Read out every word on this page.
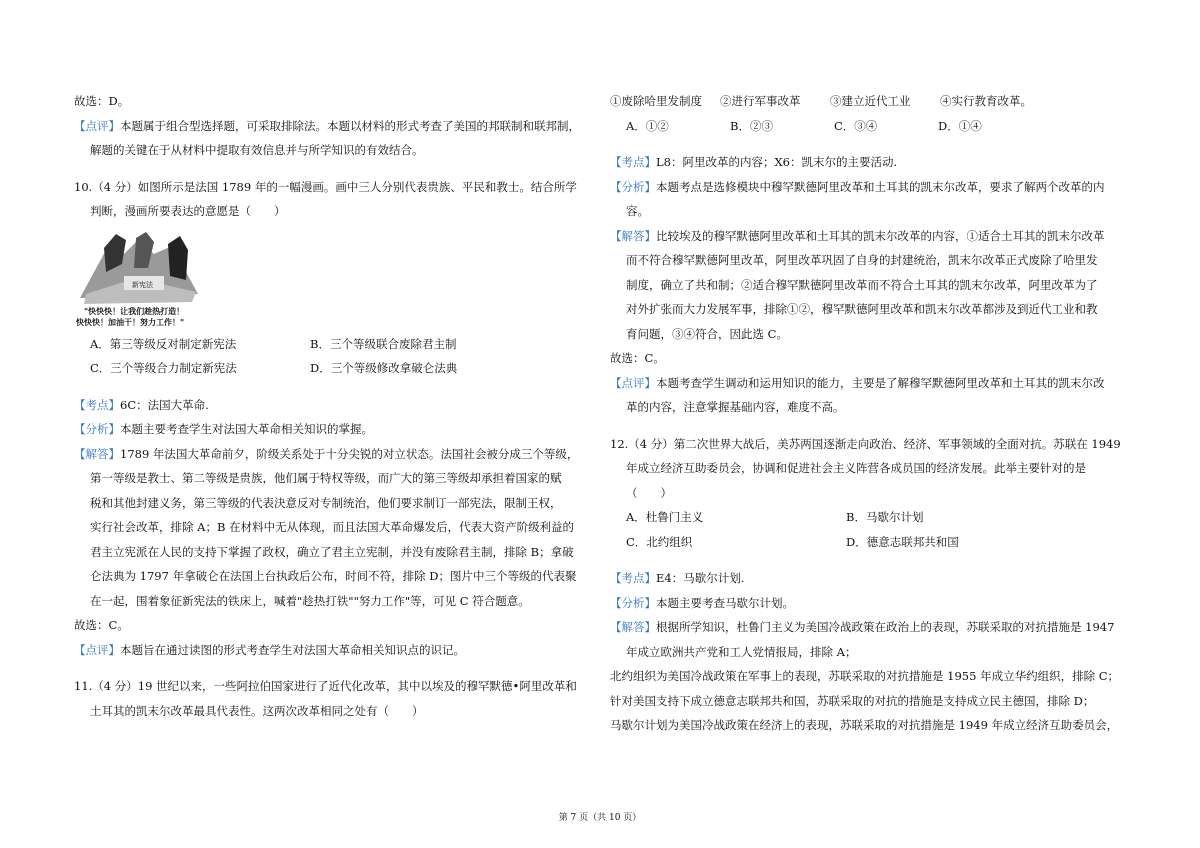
故选：D。

【点评】本题属于组合型选择题，可采取排除法。本题以材料的形式考查了美国的邦联制和联邦制，

解题的关键在于从材料中提取有效信息并与所学知识的有效结合。

10.（4 分）如图所示是法国 1789 年的一幅漫画。画中三人分别代表贵族、平民和教士。结合所学

判断，漫画所要表达的意愿是（　　）

新宪法
"快快快！让我们趁热打造！
快快快！加油干！努力工作！"
A．第三等级反对制定新宪法	B．三个等级联合废除君主制
C．三个等级合力制定新宪法	D．三个等级修改拿破仑法典

【考点】6C：法国大革命.

【分析】本题主要考查学生对法国大革命相关知识的掌握。

【解答】1789 年法国大革命前夕，阶级关系处于十分尖锐的对立状态。法国社会被分成三个等级，

第一等级是教士、第二等级是贵族，他们属于特权等级，而广大的第三等级却承担着国家的赋

税和其他封建义务，第三等级的代表決意反对专制统治，他们要求制订一部宪法，限制王权，

实行社会改革，排除 A；B 在材料中无从体现，而且法国大革命爆发后，代表大资产阶级利益的

君主立宪派在人民的支持下掌握了政权，确立了君主立宪制，并没有废除君主制，排除 B；拿破

仑法典为 1797 年拿破仑在法国上台执政后公布，时间不符，排除 D；图片中三个等级的代表聚

在一起，围着象征新宪法的铁床上，喊着"趁热打铁""努力工作"等，可见 C 符合题意。

故选：C。

【点评】本题旨在通过读图的形式考查学生对法国大革命相关知识点的识记。

11.（4 分）19 世纪以来，一些阿拉伯国家进行了近代化改革，其中以埃及的穆罕默德•阿里改革和

土耳其的凯末尔改革最具代表性。这两次改革相同之处有（　　）

①废除哈里发制度	②进行军事改革	③建立近代工业	④实行教育改革。
A．①②	B．②③	C．③④	D．①④

【考点】L8：阿里改革的内容；X6：凯末尔的主要活动.

【分析】本题考点是选修模块中穆罕默德阿里改革和土耳其的凯末尔改革，要求了解两个改革的内

容。

【解答】比较埃及的穆罕默德阿里改革和土耳其的凯末尔改革的内容，①适合土耳其的凯末尔改革

而不符合穆罕默德阿里改革，阿里改革巩固了自身的封建统治，凯末尔改革正式废除了哈里发

制度，确立了共和制；②适合穆罕默德阿里改革而不符合土耳其的凯末尔改革，阿里改革为了

对外扩张而大力发展军事，排除①②，穆罕默德阿里改革和凯末尔改革都涉及到近代工业和教

育问题，③④符合，因此选 C。

故选：C。

【点评】本题考查学生调动和运用知识的能力，主要是了解穆罕默德阿里改革和土耳其的凯末尔改

革的内容，注意掌握基础内容，难度不高。

12.（4 分）第二次世界大战后，美苏两国逐渐走向政治、经济、军事领域的全面对抗。苏联在 1949

年成立经济互助委员会，协调和促进社会主义阵营各成员国的经济发展。此举主要针对的是

（　　）

A．杜鲁门主义	B．马歇尔计划
C．北约组织	D．德意志联邦共和国

【考点】E4：马歇尔计划.

【分析】本题主要考查马歇尔计划。

【解答】根据所学知识，杜鲁门主义为美国冷战政策在政治上的表现，苏联采取的对抗措施是 1947

年成立欧洲共产党和工人党情报局，排除 A；

北约组织为美国冷战政策在军事上的表现，苏联采取的对抗措施是 1955 年成立华约组织，排除 C；

针对美国支持下成立德意志联邦共和国，苏联采取的对抗的措施是支持成立民主德国，排除 D；

马歇尔计划为美国冷战政策在经济上的表现，苏联采取的对抗措施是 1949 年成立经济互助委员会，

第 7 页（共 10 页）
